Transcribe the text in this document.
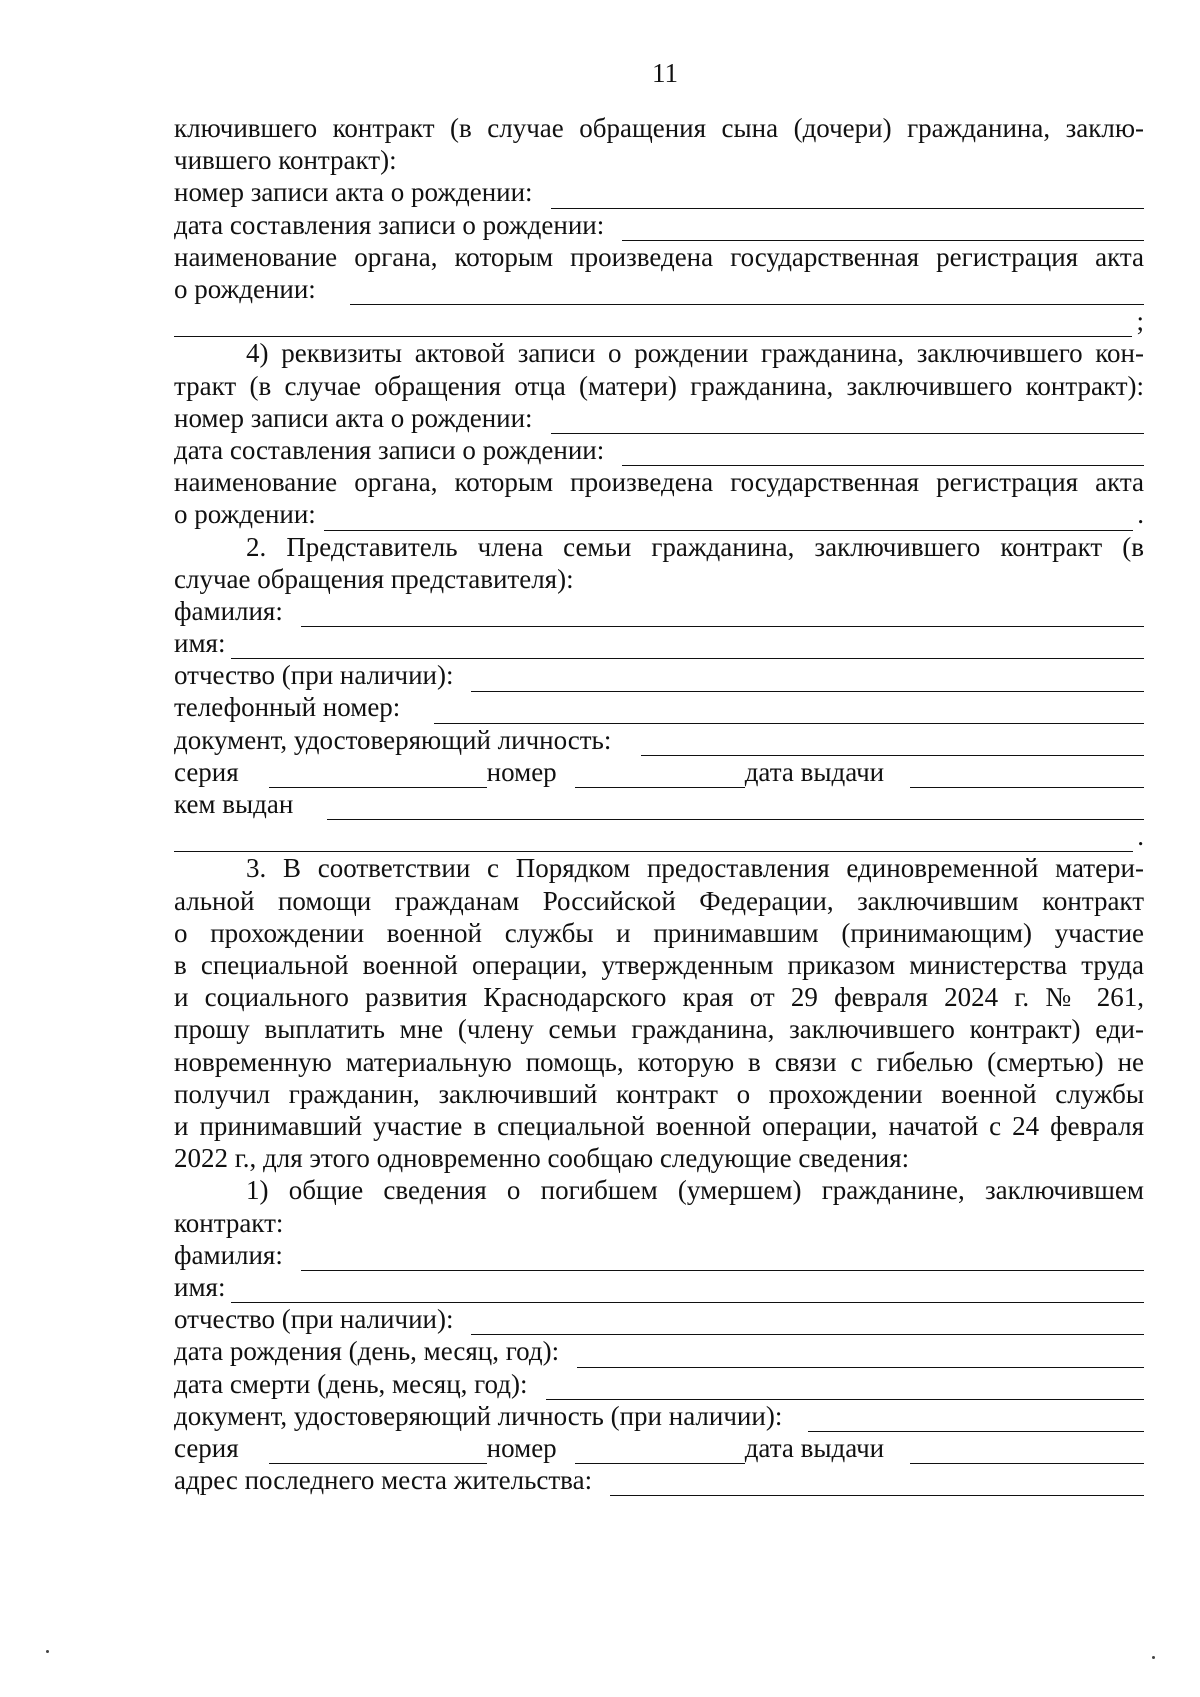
11

ключившего контракт (в случае обращения сына (дочери) гражданина, заклю-

чившего контракт):

номер записи акта о рождении:
дата составления записи о рождении:

наименование органа, которым произведена государственная регистрация акта

о рождении:
;

4) реквизиты актовой записи о рождении гражданина, заключившего кон-

тракт (в случае обращения отца (матери) гражданина, заключившего контракт):

номер записи акта о рождении:
дата составления записи о рождении:

наименование органа, которым произведена государственная регистрация акта

о рождении:	.

2. Представитель члена семьи гражданина, заключившего контракт (в

случае обращения представителя):

фамилия:
имя:
отчество (при наличии):
телефонный номер:
документ, удостоверяющий личность:
серия	номер	дата выдачи
кем выдан
.

3. В соответствии с Порядком предоставления единовременной матери-

альной помощи гражданам Российской Федерации, заключившим контракт

о прохождении военной службы и принимавшим (принимающим) участие

в специальной военной операции, утвержденным приказом министерства труда

и социального развития Краснодарского края от 29 февраля 2024 г. № 261,

прошу выплатить мне (члену семьи гражданина, заключившего контракт) еди-

новременную материальную помощь, которую в связи с гибелью (смертью) не

получил гражданин, заключивший контракт о прохождении военной службы

и принимавший участие в специальной военной операции, начатой с 24 февраля

2022 г., для этого одновременно сообщаю следующие сведения:

1) общие сведения о погибшем (умершем) гражданине, заключившем

контракт:

фамилия:
имя:
отчество (при наличии):
дата рождения (день, месяц, год):
дата смерти (день, месяц, год):
документ, удостоверяющий личность (при наличии):
серия	номер	дата выдачи
адрес последнего места жительства:
